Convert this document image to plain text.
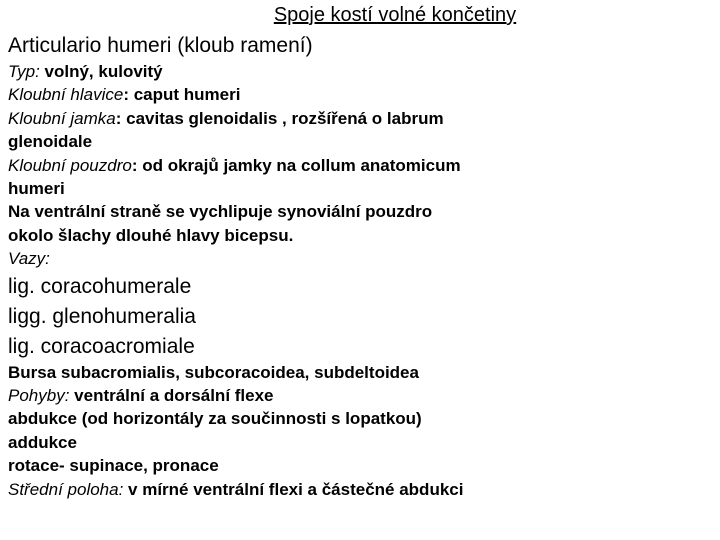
Spoje kostí volné končetiny
Articulario humeri (kloub ramení)
Typ: volný, kulovitý
Kloubní hlavice: caput humeri
Kloubní jamka: cavitas glenoidalis , rozšířená o labrum
glenoidale
Kloubní pouzdro: od okrajů jamky na collum anatomicum
humeri
Na ventrální straně se vychlipuje synoviální pouzdro
okolo šlachy dlouhé hlavy bicepsu.
Vazy:
lig. coracohumerale
ligg. glenohumeralia
lig. coracoacromiale
Bursa subacromialis, subcoracoidea, subdeltoidea
Pohyby: ventrální a dorsální flexe
abdukce (od horizontály za součinnosti s lopatkou)
addukce
rotace- supinace, pronace
Střední poloha: v mírné ventrální flexi a částečné abdukci
